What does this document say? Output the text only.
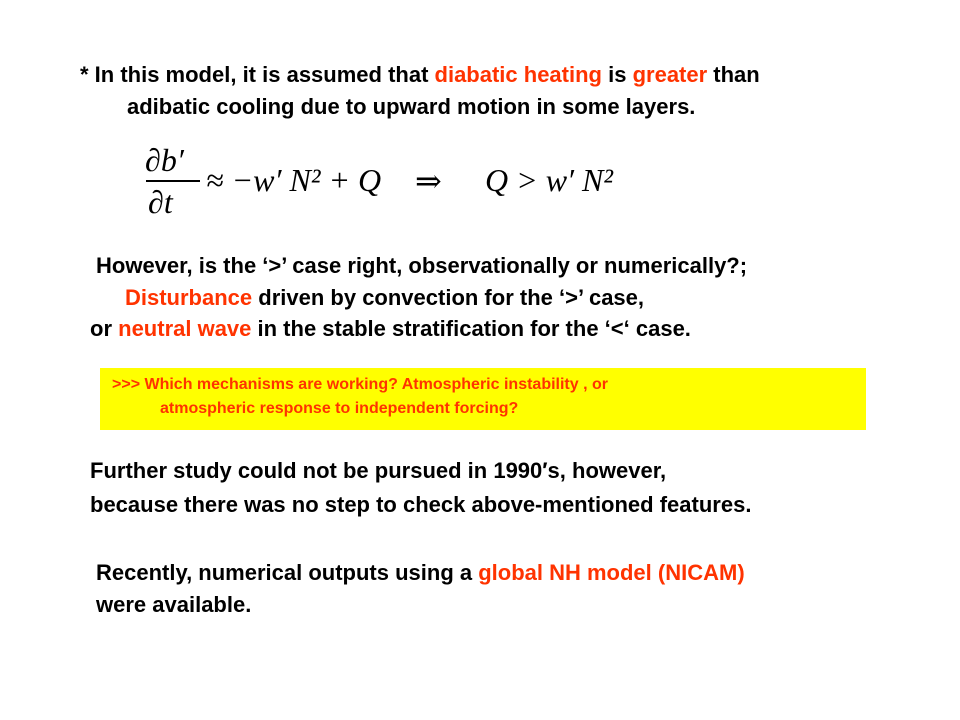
* In this model, it is assumed that diabatic heating is greater than
adibatic cooling due to upward motion in some layers.
∂b′
∂t
≈ −w′ N² + Q ⇒ Q > w′ N²
However, is the ‘>’ case right, observationally or numerically?;
Disturbance driven by convection for the ‘>’ case,
or neutral wave in the stable stratification for the ‘<‘ case.
>>> Which mechanisms are working? Atmospheric instability , or
atmospheric response to independent forcing?
Further study could not be pursued in 1990′s, however,
because there was no step to check above-mentioned features.
Recently, numerical outputs using a global NH model (NICAM)
were available.
